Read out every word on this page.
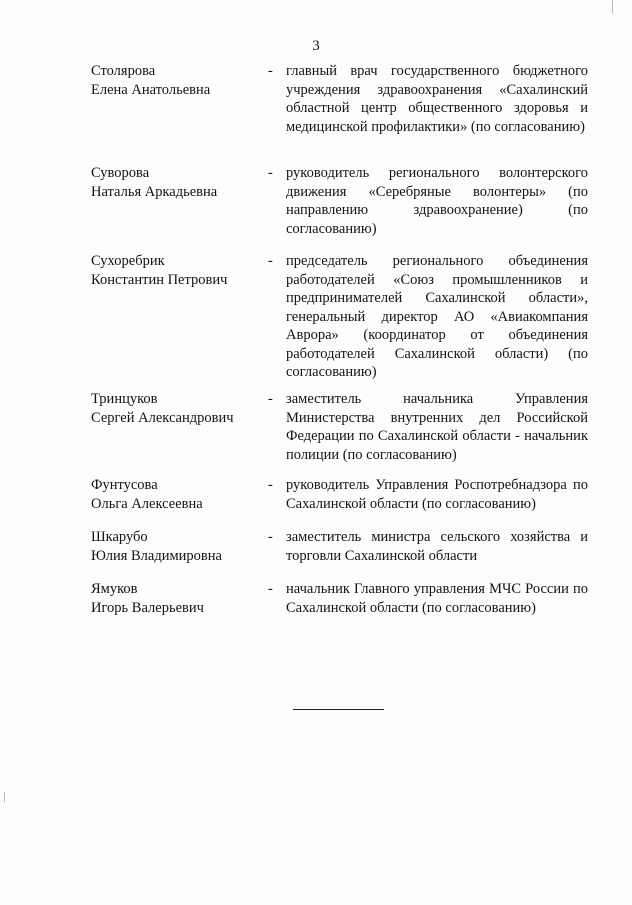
3
Столярова
Елена Анатольевна
- главный врач государственного бюджетного учреждения здравоохранения «Сахалинский областной центр общественного здоровья и медицинской профилактики» (по согласованию)
Суворова
Наталья Аркадьевна
- руководитель регионального волонтерского движения «Серебряные волонтеры» (по направлению здравоохранение) (по согласованию)
Сухоребрик
Константин Петрович
- председатель регионального объединения работодателей «Союз промышленников и предпринимателей Сахалинской области», генеральный директор АО «Авиакомпания Аврора» (координатор от объединения работодателей Сахалинской области) (по согласованию)
Тринцуков
Сергей Александрович
- заместитель начальника Управления Министерства внутренних дел Российской Федерации по Сахалинской области - начальник полиции (по согласованию)
Фунтусова
Ольга Алексеевна
- руководитель Управления Роспотребнадзора по Сахалинской области (по согласованию)
Шкарубо
Юлия Владимировна
- заместитель министра сельского хозяйства и торговли Сахалинской области
Ямуков
Игорь Валерьевич
- начальник Главного управления МЧС России по Сахалинской области (по согласованию)
